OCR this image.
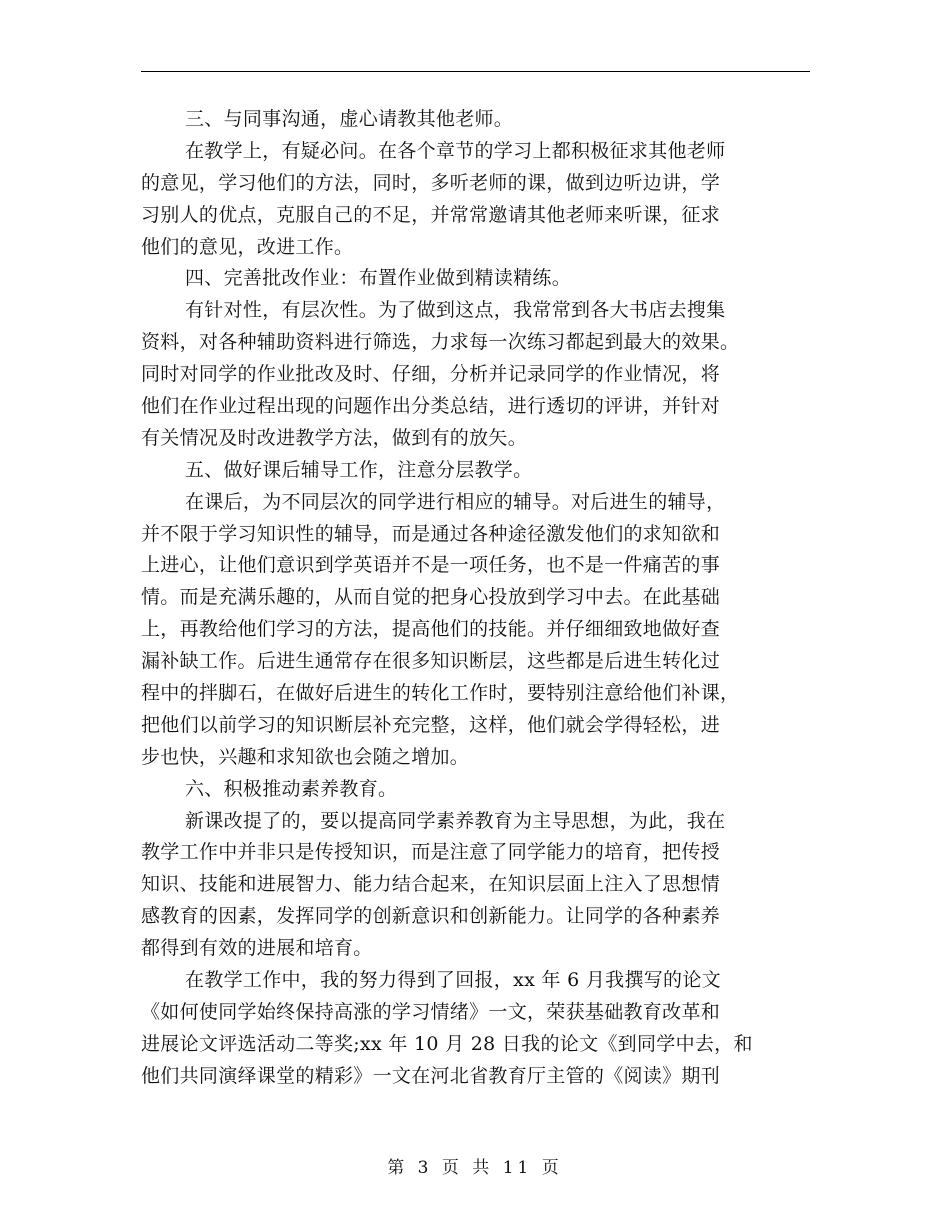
三、与同事沟通，虚心请教其他老师。
在教学上，有疑必问。在各个章节的学习上都积极征求其他老师
的意见，学习他们的方法，同时，多听老师的课，做到边听边讲，学
习别人的优点，克服自己的不足，并常常邀请其他老师来听课，征求
他们的意见，改进工作。
四、完善批改作业：布置作业做到精读精练。
有针对性，有层次性。为了做到这点，我常常到各大书店去搜集
资料，对各种辅助资料进行筛选，力求每一次练习都起到最大的效果。
同时对同学的作业批改及时、仔细，分析并记录同学的作业情况，将
他们在作业过程出现的问题作出分类总结，进行透切的评讲，并针对
有关情况及时改进教学方法，做到有的放矢。
五、做好课后辅导工作，注意分层教学。
在课后，为不同层次的同学进行相应的辅导。对后进生的辅导，
并不限于学习知识性的辅导，而是通过各种途径激发他们的求知欲和
上进心，让他们意识到学英语并不是一项任务，也不是一件痛苦的事
情。而是充满乐趣的，从而自觉的把身心投放到学习中去。在此基础
上，再教给他们学习的方法，提高他们的技能。并仔细细致地做好查
漏补缺工作。后进生通常存在很多知识断层，这些都是后进生转化过
程中的拌脚石，在做好后进生的转化工作时，要特别注意给他们补课，
把他们以前学习的知识断层补充完整，这样，他们就会学得轻松，进
步也快，兴趣和求知欲也会随之增加。
六、积极推动素养教育。
新课改提了的，要以提高同学素养教育为主导思想，为此，我在
教学工作中并非只是传授知识，而是注意了同学能力的培育，把传授
知识、技能和进展智力、能力结合起来，在知识层面上注入了思想情
感教育的因素，发挥同学的创新意识和创新能力。让同学的各种素养
都得到有效的进展和培育。
在教学工作中，我的努力得到了回报，xx 年 6 月我撰写的论文
《如何使同学始终保持高涨的学习情绪》一文，荣获基础教育改革和
进展论文评选活动二等奖;xx 年 10 月 28 日我的论文《到同学中去，和
他们共同演绎课堂的精彩》一文在河北省教育厅主管的《阅读》期刊
第 3 页 共 11 页
